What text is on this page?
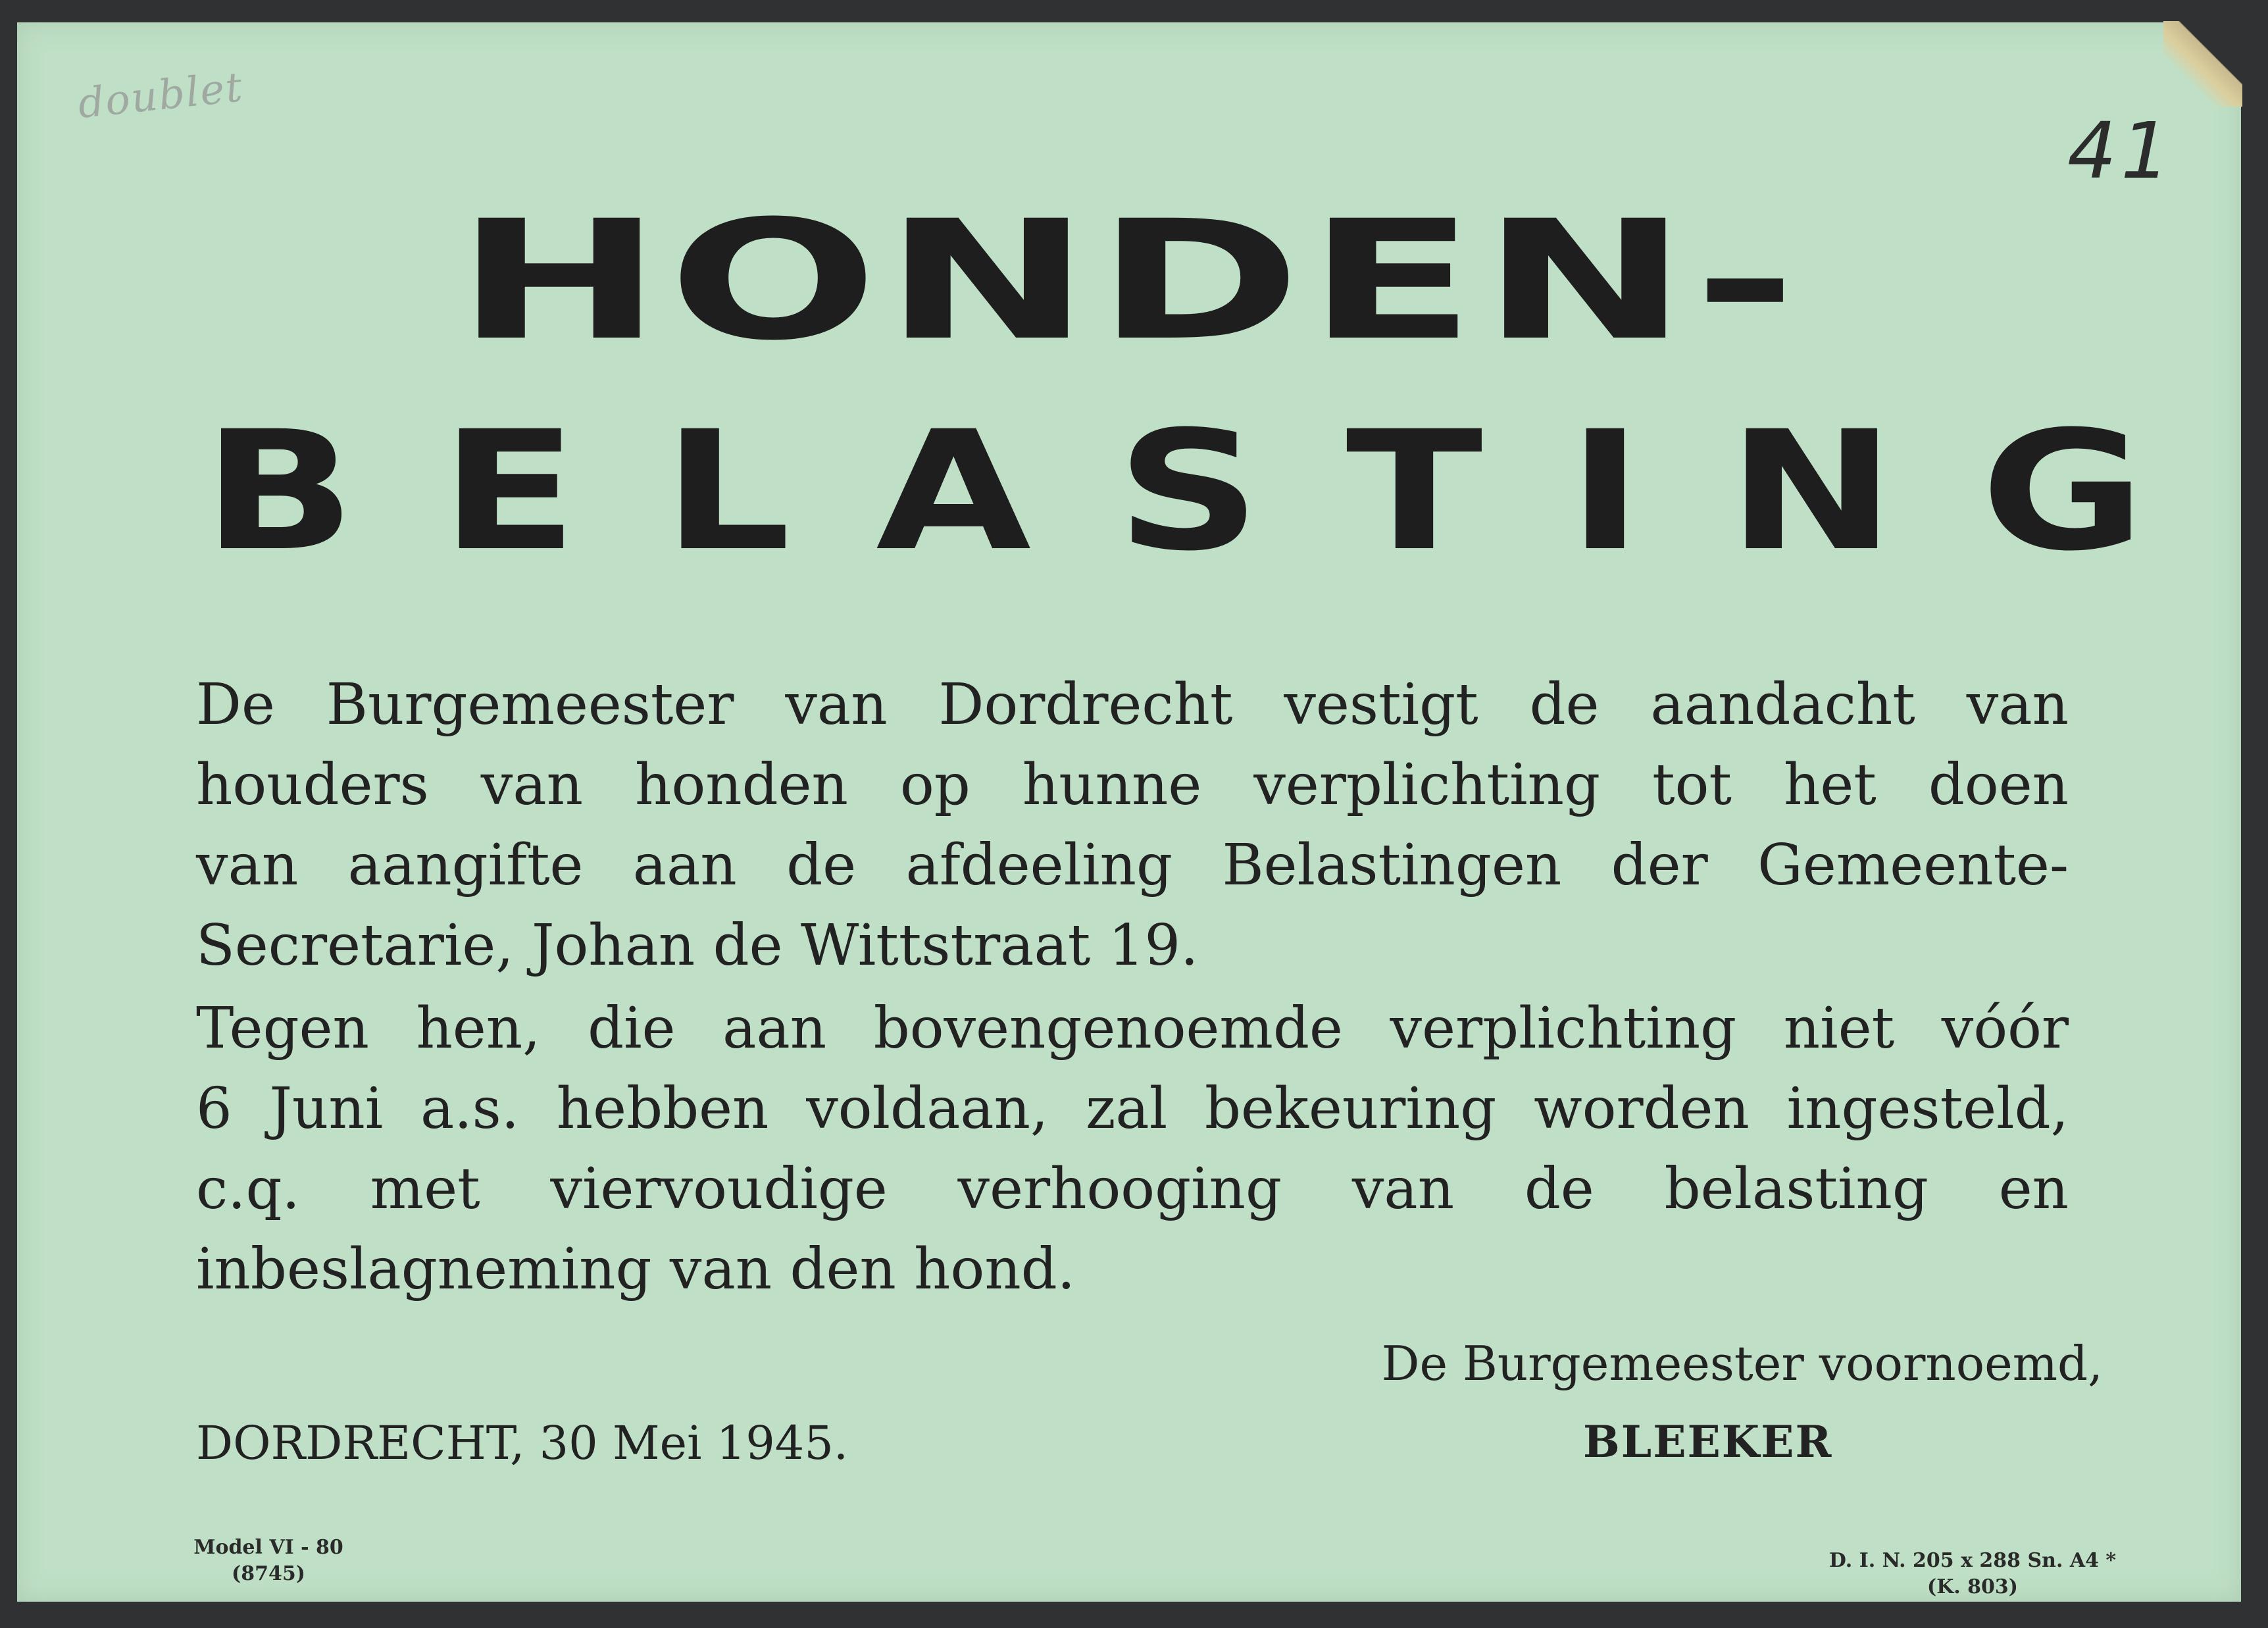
doublet
41
HONDEN-
BELASTING

De Burgemeester van Dordrecht vestigt de aandacht van
houders van honden op hunne verplichting tot het doen
van aangifte aan de afdeeling Belastingen der Gemeente-
Secretarie, Johan de Wittstraat 19.

Tegen hen, die aan bovengenoemde verplichting niet vóór
6 Juni a.s. hebben voldaan, zal bekeuring worden ingesteld,
c.q. met viervoudige verhooging van de belasting en
inbeslagneming van den hond.

De Burgemeester voornoemd,
BLEEKER
DORDRECHT, 30 Mei 1945.
Model VI - 80
(8745)
D. I. N. 205 x 288 Sn. A4 *
(K. 803)
